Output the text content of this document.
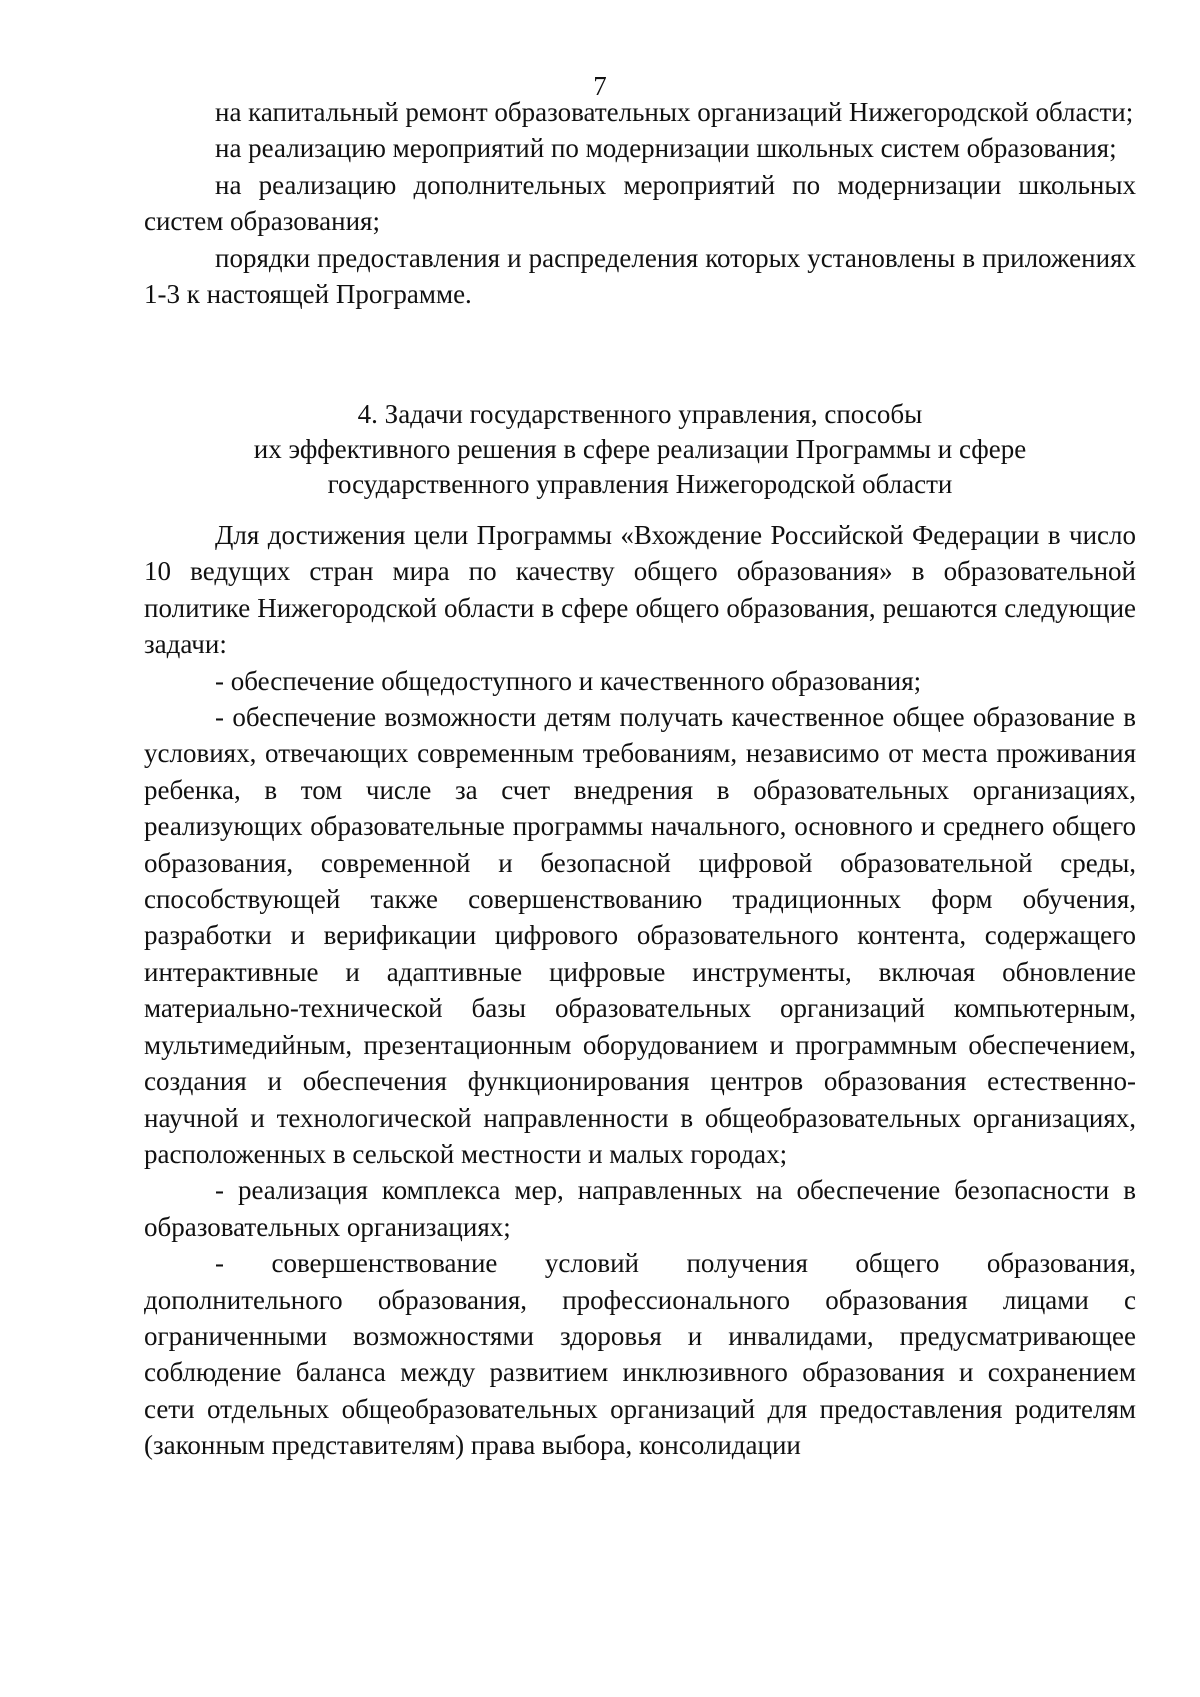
7

на капитальный ремонт образовательных организаций Нижегородской области;

на реализацию мероприятий по модернизации школьных систем образования;

на реализацию дополнительных мероприятий по модернизации школьных систем образования;

порядки предоставления и распределения которых установлены в приложениях 1-3 к настоящей Программе.

4. Задачи государственного управления, способы
их эффективного решения в сфере реализации Программы и сфере
государственного управления Нижегородской области

Для достижения цели Программы «Вхождение Российской Федерации в число 10 ведущих стран мира по качеству общего образования» в образовательной политике Нижегородской области в сфере общего образования, решаются следующие задачи:

- обеспечение общедоступного и качественного образования;

- обеспечение возможности детям получать качественное общее образование в условиях, отвечающих современным требованиям, независимо от места проживания ребенка, в том числе за счет внедрения в образовательных организациях, реализующих образовательные программы начального, основного и среднего общего образования, современной и безопасной цифровой образовательной среды, способствующей также совершенствованию традиционных форм обучения, разработки и верификации цифрового образовательного контента, содержащего интерактивные и адаптивные цифровые инструменты, включая обновление материально-технической базы образовательных организаций компьютерным, мультимедийным, презентационным оборудованием и программным обеспечением, создания и обеспечения функционирования центров образования естественно-научной и технологической направленности в общеобразовательных организациях, расположенных в сельской местности и малых городах;

- реализация комплекса мер, направленных на обеспечение безопасности в образовательных организациях;

- совершенствование условий получения общего образования, дополнительного образования, профессионального образования лицами с ограниченными возможностями здоровья и инвалидами, предусматривающее соблюдение баланса между развитием инклюзивного образования и сохранением сети отдельных общеобразовательных организаций для предоставления родителям (законным представителям) права выбора, консолидации
